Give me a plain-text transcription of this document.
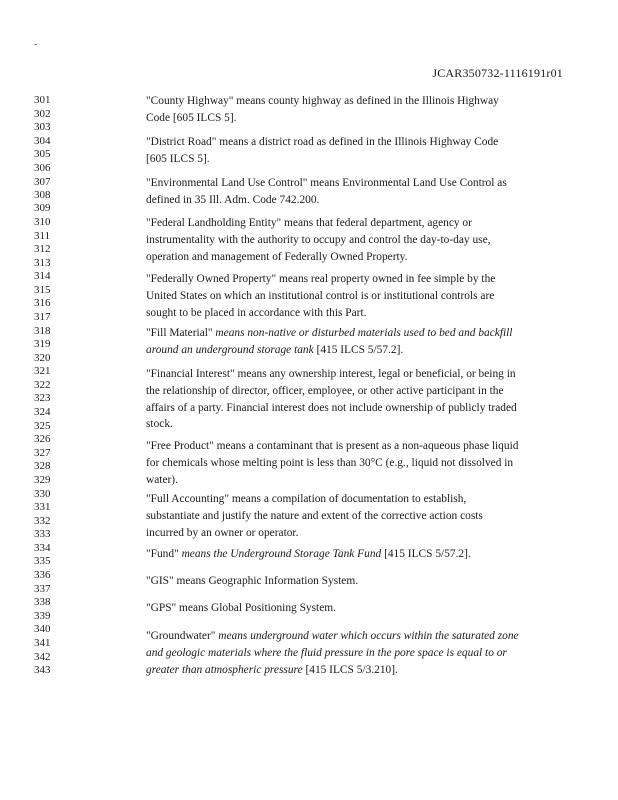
-
JCAR350732-1116191r01
301
302
303
304
305
306
307
308
309
310
311
312
313
314
315
316
317
318
319
320
321
322
323
324
325
326
327
328
329
330
331
332
333
334
335
336
337
338
339
340
341
342
343
"County Highway" means county highway as defined in the Illinois Highway
Code [605 ILCS 5].
"District Road" means a district road as defined in the Illinois Highway Code
[605 ILCS 5].
"Environmental Land Use Control" means Environmental Land Use Control as
defined in 35 Ill. Adm. Code 742.200.
"Federal Landholding Entity" means that federal department, agency or
instrumentality with the authority to occupy and control the day-to-day use,
operation and management of Federally Owned Property.
"Federally Owned Property" means real property owned in fee simple by the
United States on which an institutional control is or institutional controls are
sought to be placed in accordance with this Part.
"Fill Material" means non-native or disturbed materials used to bed and backfill
around an underground storage tank [415 ILCS 5/57.2].
"Financial Interest" means any ownership interest, legal or beneficial, or being in
the relationship of director, officer, employee, or other active participant in the
affairs of a party. Financial interest does not include ownership of publicly traded
stock.
"Free Product" means a contaminant that is present as a non-aqueous phase liquid
for chemicals whose melting point is less than 30°C (e.g., liquid not dissolved in
water).
"Full Accounting" means a compilation of documentation to establish,
substantiate and justify the nature and extent of the corrective action costs
incurred by an owner or operator.
"Fund" means the Underground Storage Tank Fund [415 ILCS 5/57.2].
"GIS" means Geographic Information System.
"GPS" means Global Positioning System.
"Groundwater" means underground water which occurs within the saturated zone
and geologic materials where the fluid pressure in the pore space is equal to or
greater than atmospheric pressure [415 ILCS 5/3.210].
